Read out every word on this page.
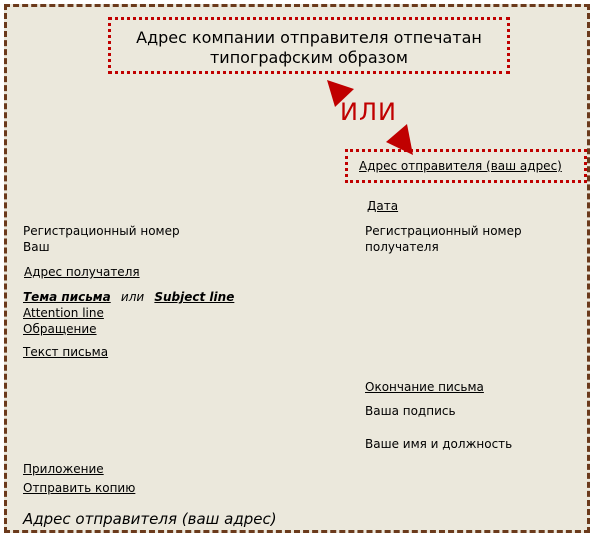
Адрес компании отправителя отпечатан
типографским образом
ИЛИ
Адрес отправителя (ваш адрес)
Дата
Регистрационный номер
Ваш
Адрес получателя
Тема письма или Subject line
Attention line
Обращение
Текст письма
Регистрационный номер
получателя
Окончание письма
Ваша подпись
Ваше имя и должность
Приложение
Отправить копию
Адрес отправителя (ваш адрес)
